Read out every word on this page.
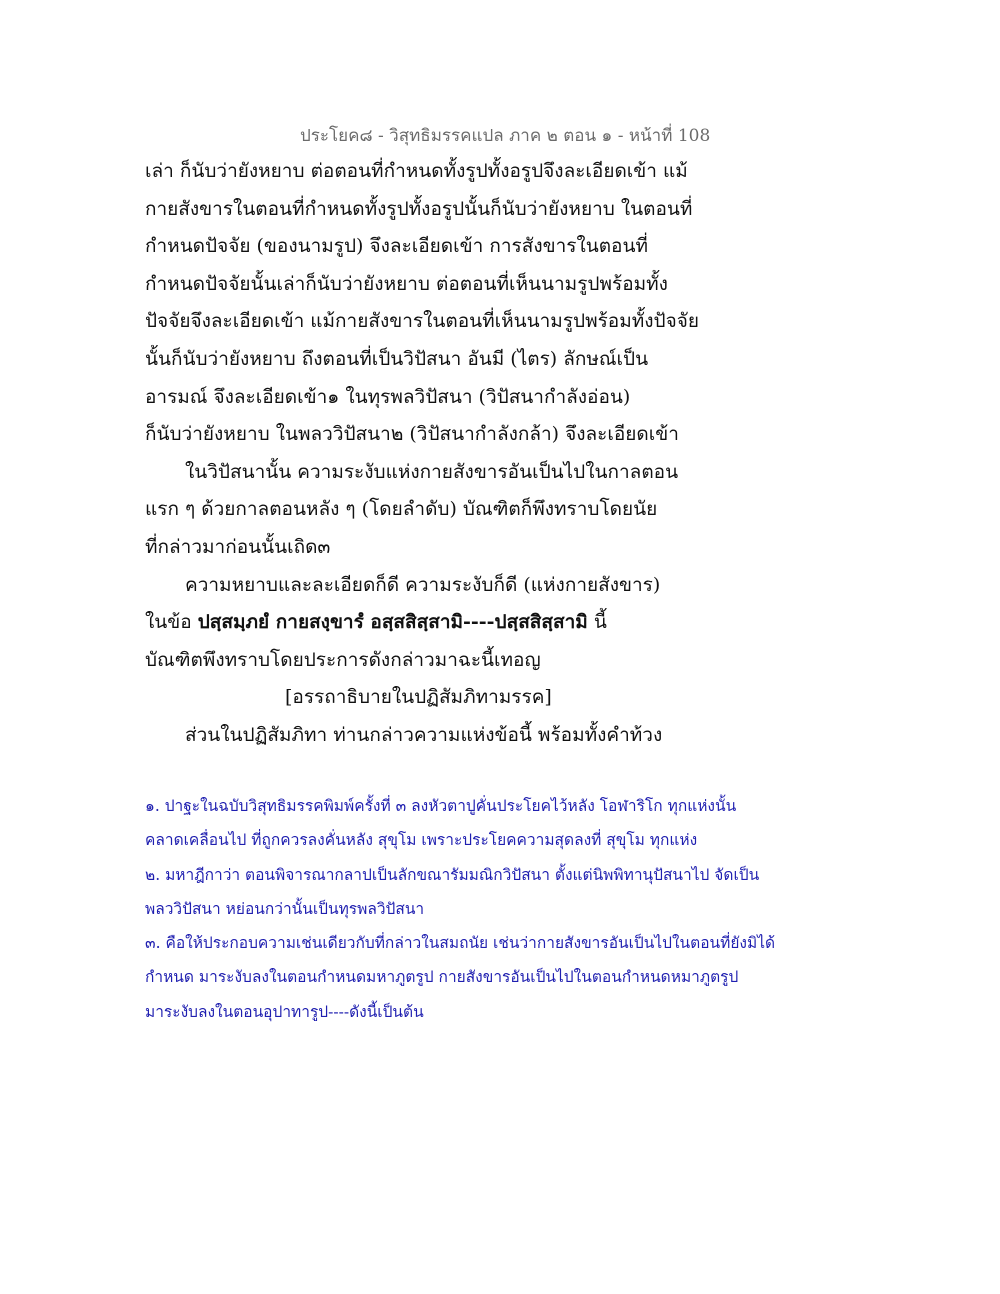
ประโยค๘ - วิสุทธิมรรคแปล ภาค ๒ ตอน ๑ - หน้าที่ 108
เล่า ก็นับว่ายังหยาบ ต่อตอนที่กำหนดทั้งรูปทั้งอรูปจึงละเอียดเข้า แม้
กายสังขารในตอนที่กำหนดทั้งรูปทั้งอรูปนั้นก็นับว่ายังหยาบ ในตอนที่
กำหนดปัจจัย (ของนามรูป) จึงละเอียดเข้า การสังขารในตอนที่
กำหนดปัจจัยนั้นเล่าก็นับว่ายังหยาบ ต่อตอนที่เห็นนามรูปพร้อมทั้ง
ปัจจัยจึงละเอียดเข้า แม้กายสังขารในตอนที่เห็นนามรูปพร้อมทั้งปัจจัย
นั้นก็นับว่ายังหยาบ ถึงตอนที่เป็นวิปัสนา อันมี (ไตร) ลักษณ์เป็น
อารมณ์ จึงละเอียดเข้า๑ ในทุรพลวิปัสนา (วิปัสนากำลังอ่อน)
ก็นับว่ายังหยาบ ในพลววิปัสนา๒ (วิปัสนากำลังกล้า) จึงละเอียดเข้า
ในวิปัสนานั้น ความระงับแห่งกายสังขารอันเป็นไปในกาลตอน
แรก ๆ ด้วยกาลตอนหลัง ๆ (โดยลำดับ) บัณฑิตก็พึงทราบโดยนัย
ที่กล่าวมาก่อนนั้นเถิด๓
ความหยาบและละเอียดก็ดี ความระงับก็ดี (แห่งกายสังขาร)
ในข้อ ปสฺสมฺภยํ กายสงฺขารํ อสฺสสิสฺสามิ----ปสฺสสิสฺสามิ นี้
บัณฑิตพึงทราบโดยประการดังกล่าวมาฉะนี้เทอญ
[อรรถาธิบายในปฏิสัมภิทามรรค]
ส่วนในปฏิสัมภิทา ท่านกล่าวความแห่งข้อนี้ พร้อมทั้งคำท้วง
๑. ปาฐะในฉบับวิสุทธิมรรคพิมพ์ครั้งที่ ๓ ลงหัวตาปูคั่นประโยคไว้หลัง โอฬาริโก ทุกแห่งนั้น
คลาดเคลื่อนไป ที่ถูกควรลงคั่นหลัง สุขุโม เพราะประโยคความสุดลงที่ สุขุโม ทุกแห่ง
๒. มหาฎีกาว่า ตอนพิจารณากลาปเป็นลักขณารัมมณิกวิปัสนา ตั้งแต่นิพพิทานุปัสนาไป จัดเป็น
พลววิปัสนา หย่อนกว่านั้นเป็นทุรพลวิปัสนา
๓. คือให้ประกอบความเช่นเดียวกับที่กล่าวในสมถนัย เช่นว่ากายสังขารอันเป็นไปในตอนที่ยังมิได้
กำหนด มาระงับลงในตอนกำหนดมหาภูตรูป กายสังขารอันเป็นไปในตอนกำหนดหมาภูตรูป
มาระงับลงในตอนอุปาทารูป----ดังนี้เป็นต้น
